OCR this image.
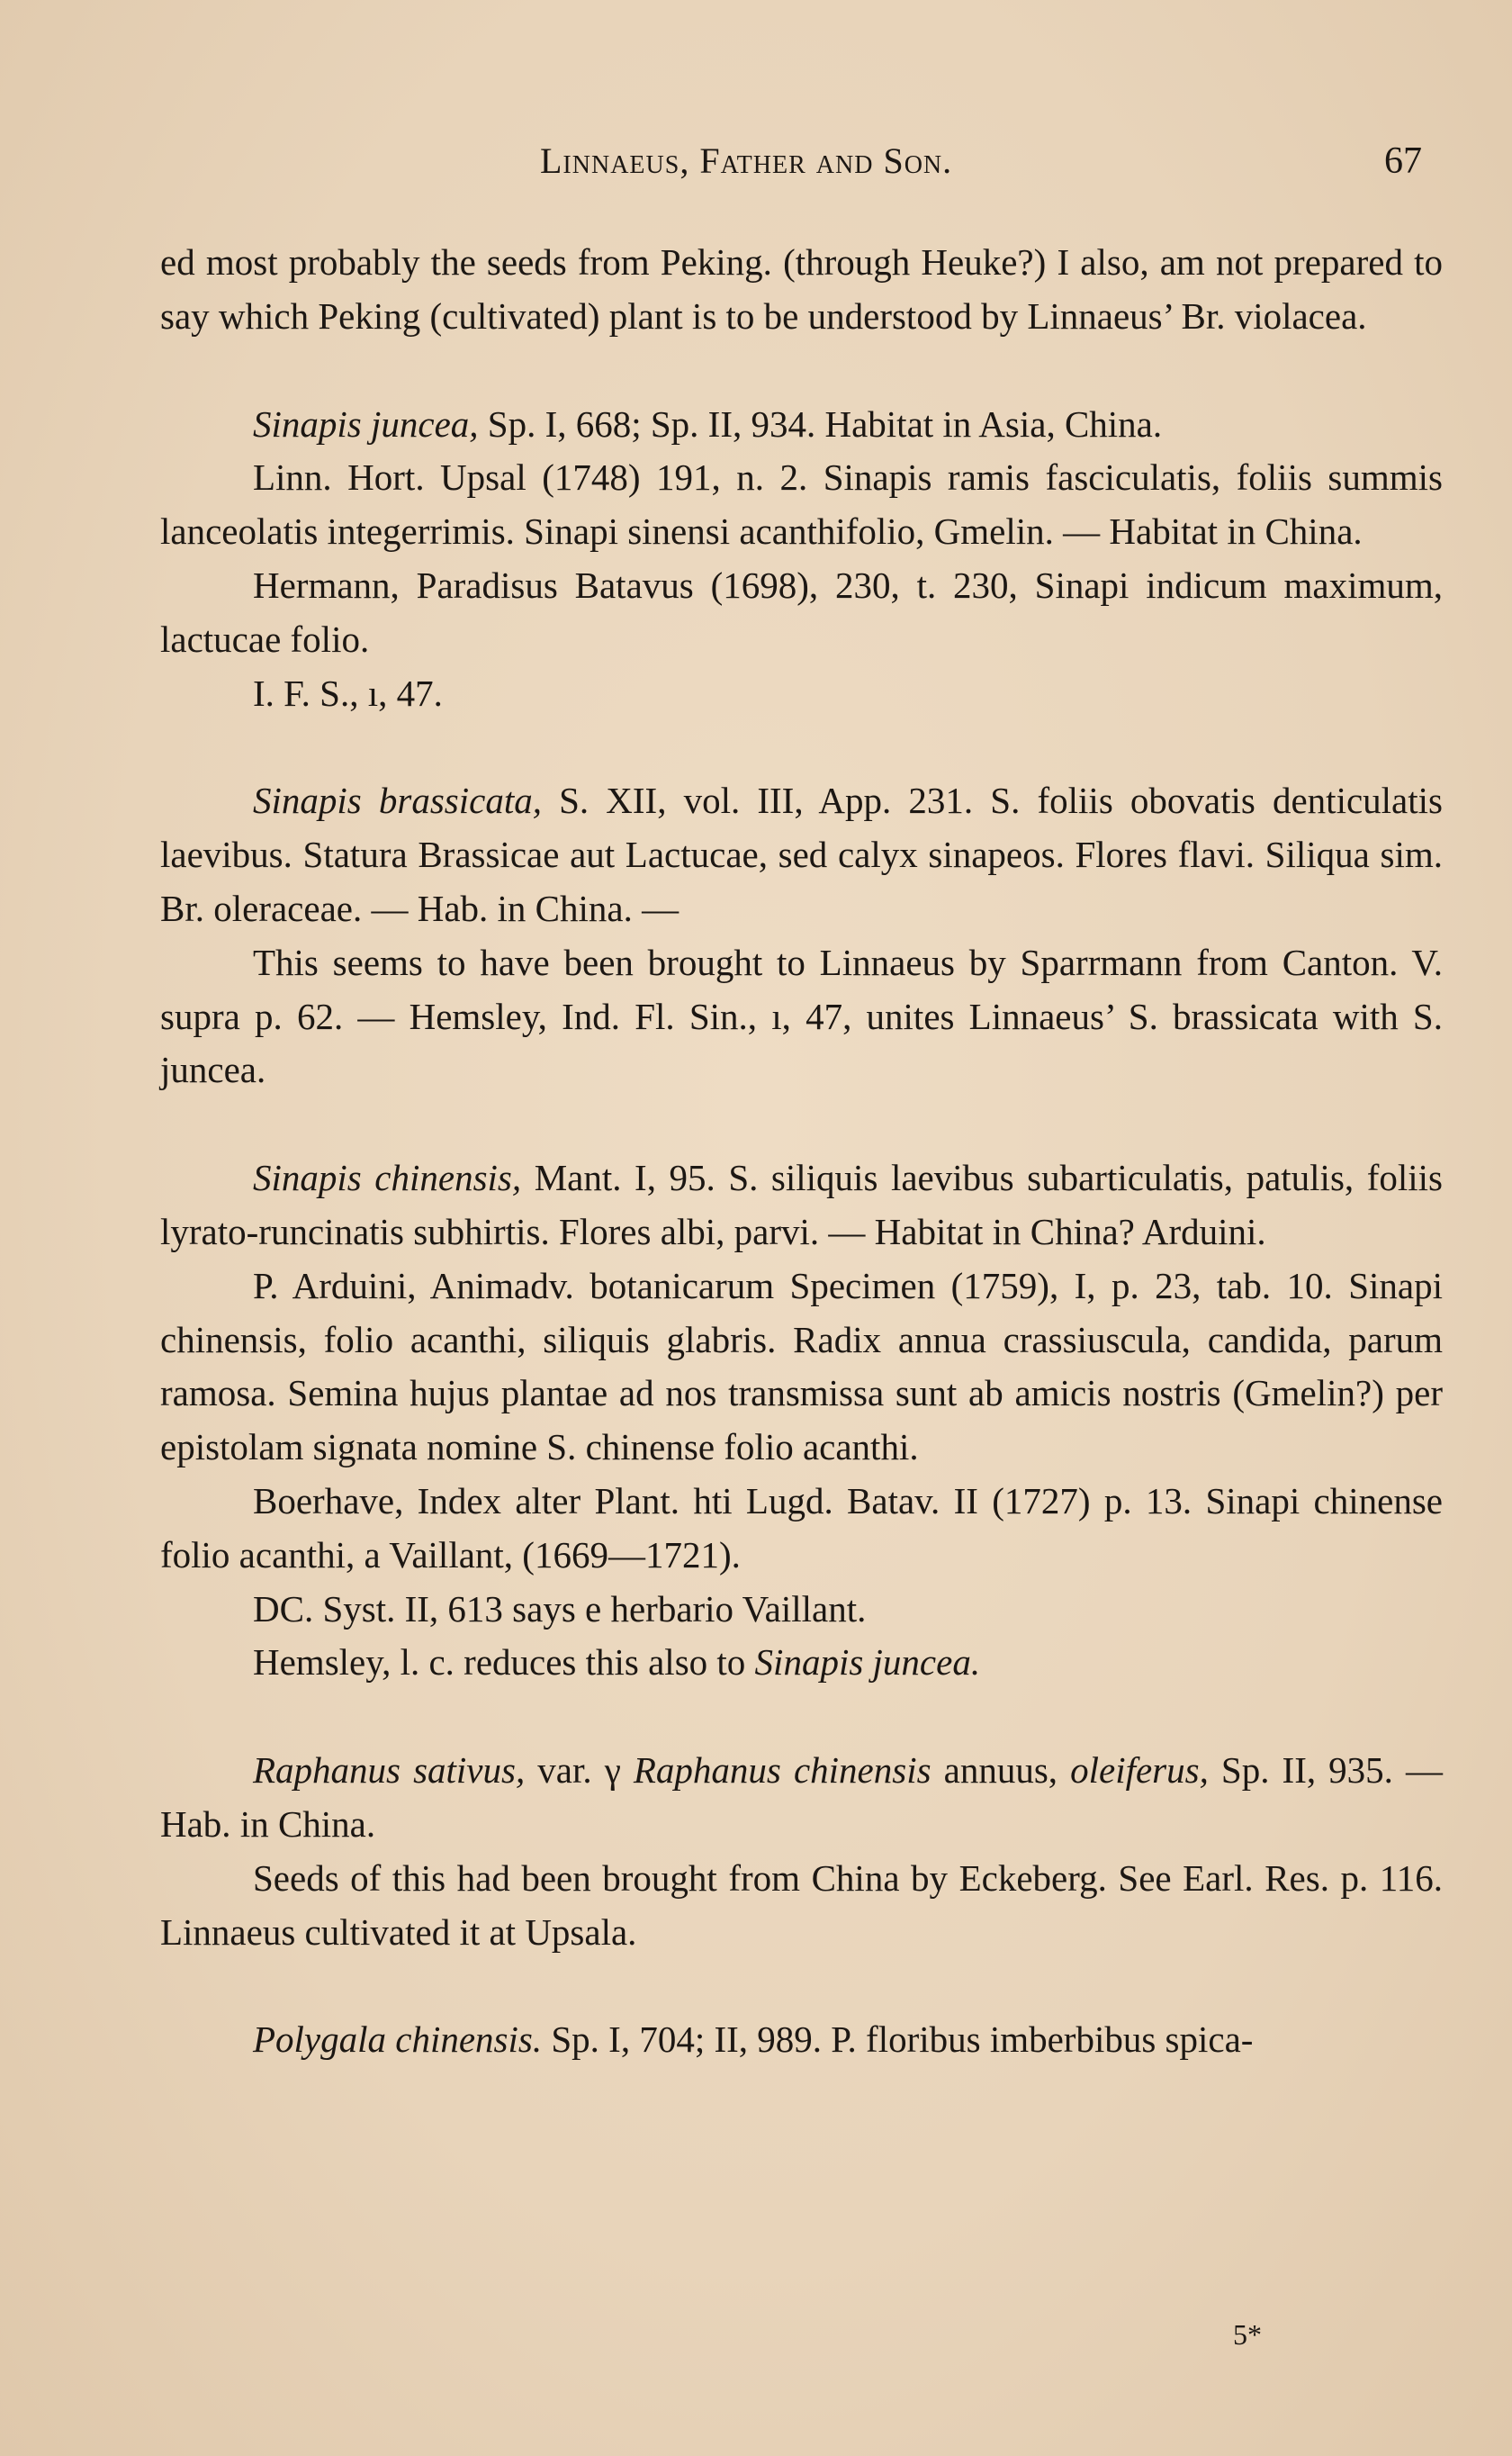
Linnaeus, Father and Son.	67

ed most probably the seeds from Peking. (through Heuke?) I also, am not prepared to say which Peking (cultivated) plant is to be understood by Linnaeus’ Br. violacea.

Sinapis juncea, Sp. I, 668; Sp. II, 934. Habitat in Asia, China.

Linn. Hort. Upsal (1748) 191, n. 2. Sinapis ramis fasciculatis, foliis summis lanceolatis integerrimis. Sinapi sinensi acanthifolio, Gmelin. — Habitat in China.

Hermann, Paradisus Batavus (1698), 230, t. 230, Sinapi indicum maximum, lactucae folio.

I. F. S., ı, 47.

Sinapis brassicata, S. XII, vol. III, App. 231. S. foliis obovatis denticulatis laevibus. Statura Brassicae aut Lactucae, sed calyx sinapeos. Flores flavi. Siliqua sim. Br. oleraceae. — Hab. in China. —

This seems to have been brought to Linnaeus by Sparrmann from Canton. V. supra p. 62. — Hemsley, Ind. Fl. Sin., ı, 47, unites Linnaeus’ S. brassicata with S. juncea.

Sinapis chinensis, Mant. I, 95. S. siliquis laevibus subarticulatis, patulis, foliis lyrato-runcinatis subhirtis. Flores albi, parvi. — Habitat in China? Arduini.

P. Arduini, Animadv. botanicarum Specimen (1759), I, p. 23, tab. 10. Sinapi chinensis, folio acanthi, siliquis glabris. Radix annua crassiuscula, candida, parum ramosa. Semina hujus plantae ad nos transmissa sunt ab amicis nostris (Gmelin?) per epistolam signata nomine S. chinense folio acanthi.

Boerhave, Index alter Plant. hti Lugd. Batav. II (1727) p. 13. Sinapi chinense folio acanthi, a Vaillant, (1669—1721).

DC. Syst. II, 613 says e herbario Vaillant.

Hemsley, l. c. reduces this also to Sinapis juncea.

Raphanus sativus, var. γ Raphanus chinensis annuus, oleiferus, Sp. II, 935. — Hab. in China.

Seeds of this had been brought from China by Eckeberg. See Earl. Res. p. 116. Linnaeus cultivated it at Upsala.

Polygala chinensis. Sp. I, 704; II, 989. P. floribus imberbibus spica-

5*
